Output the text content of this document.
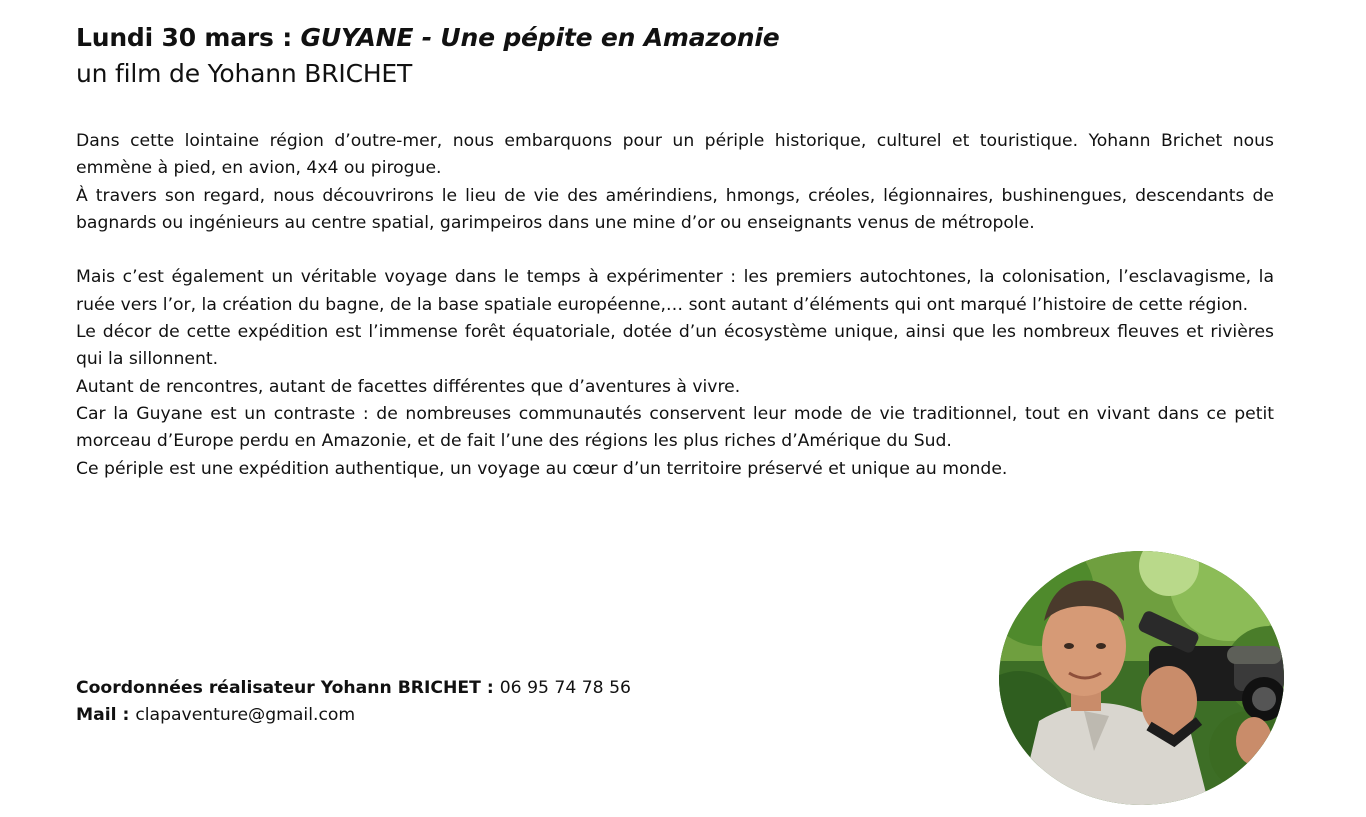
Lundi 30 mars : GUYANE - Une pépite en Amazonie
un film de Yohann BRICHET

Dans cette lointaine région d’outre-mer, nous embarquons pour un périple historique, culturel et touristique. Yohann Brichet nous emmène à pied, en avion, 4x4 ou pirogue.

À travers son regard, nous découvrirons le lieu de vie des amérindiens, hmongs, créoles, légionnaires, bushinengues, descendants de bagnards ou ingénieurs au centre spatial, garimpeiros dans une mine d’or ou enseignants venus de métropole.

Mais c’est également un véritable voyage dans le temps à expérimenter : les premiers autochtones, la colonisation, l’esclavagisme, la ruée vers l’or, la création du bagne, de la base spatiale européenne,… sont autant d’éléments qui ont marqué l’histoire de cette région.

Le décor de cette expédition est l’immense forêt équatoriale, dotée d’un écosystème unique, ainsi que les nombreux fleuves et rivières qui la sillonnent.

Autant de rencontres, autant de facettes différentes que d’aventures à vivre.

Car la Guyane est un contraste : de nombreuses communautés conservent leur mode de vie traditionnel, tout en vivant dans ce petit morceau d’Europe perdu en Amazonie, et de fait l’une des régions les plus riches d’Amérique du Sud.

Ce périple est une expédition authentique, un voyage au cœur d’un territoire préservé et unique au monde.

Coordonnées réalisateur Yohann BRICHET : 06 95 74 78 56
Mail : clapaventure@gmail.com
